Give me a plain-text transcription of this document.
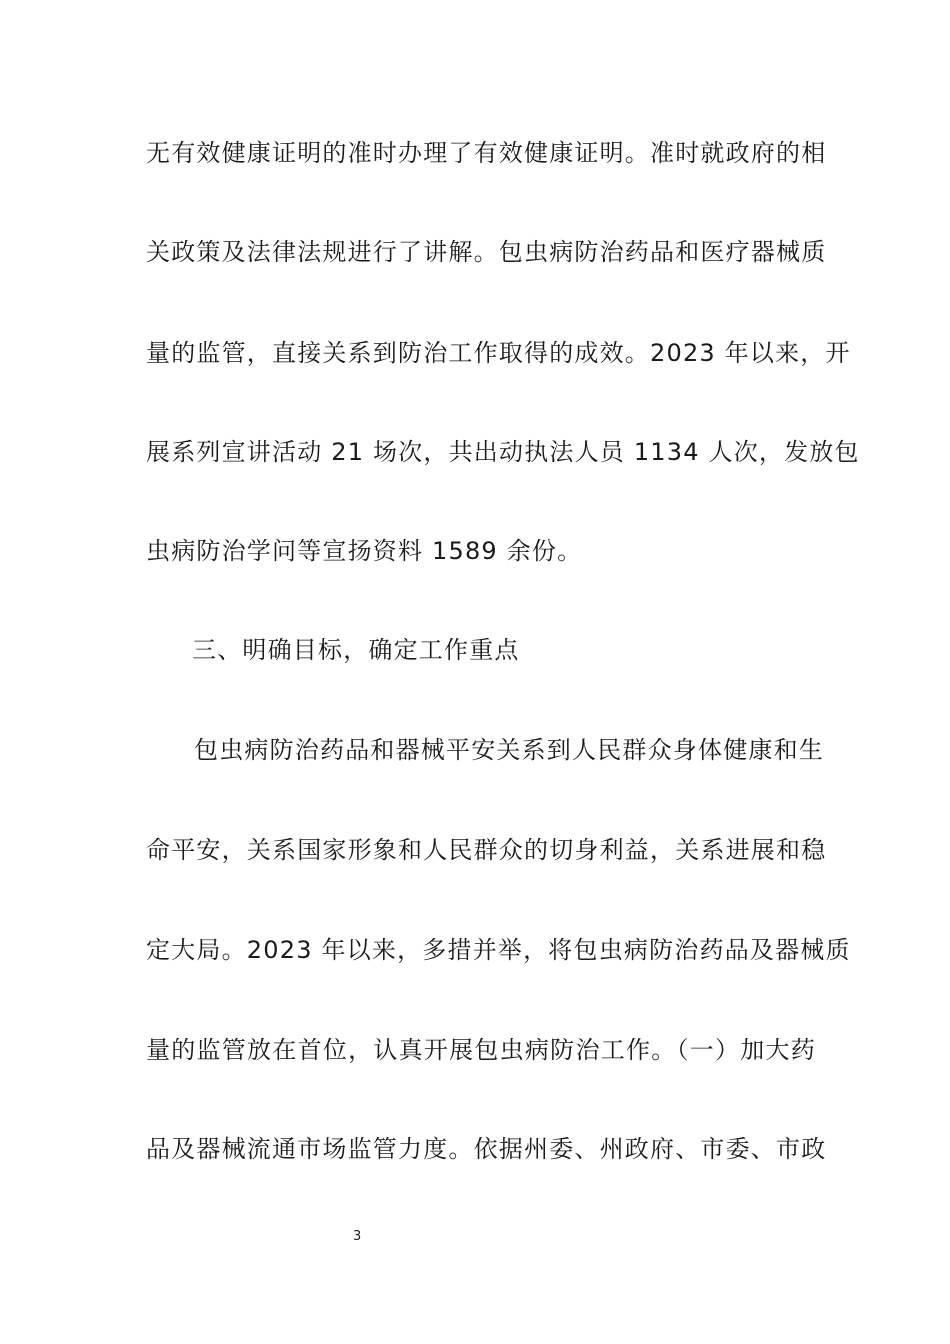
无有效健康证明的准时办理了有效健康证明。准时就政府的相
关政策及法律法规进行了讲解。包虫病防治药品和医疗器械质
量的监管，直接关系到防治工作取得的成效。2023 年以来，开
展系列宣讲活动 21 场次，共出动执法人员 1134 人次，发放包
虫病防治学问等宣扬资料 1589 余份。
三、明确目标，确定工作重点
包虫病防治药品和器械平安关系到人民群众身体健康和生
命平安，关系国家形象和人民群众的切身利益，关系进展和稳
定大局。2023 年以来，多措并举，将包虫病防治药品及器械质
量的监管放在首位，认真开展包虫病防治工作。（一）加大药
品及器械流通市场监管力度。依据州委、州政府、市委、市政
3
